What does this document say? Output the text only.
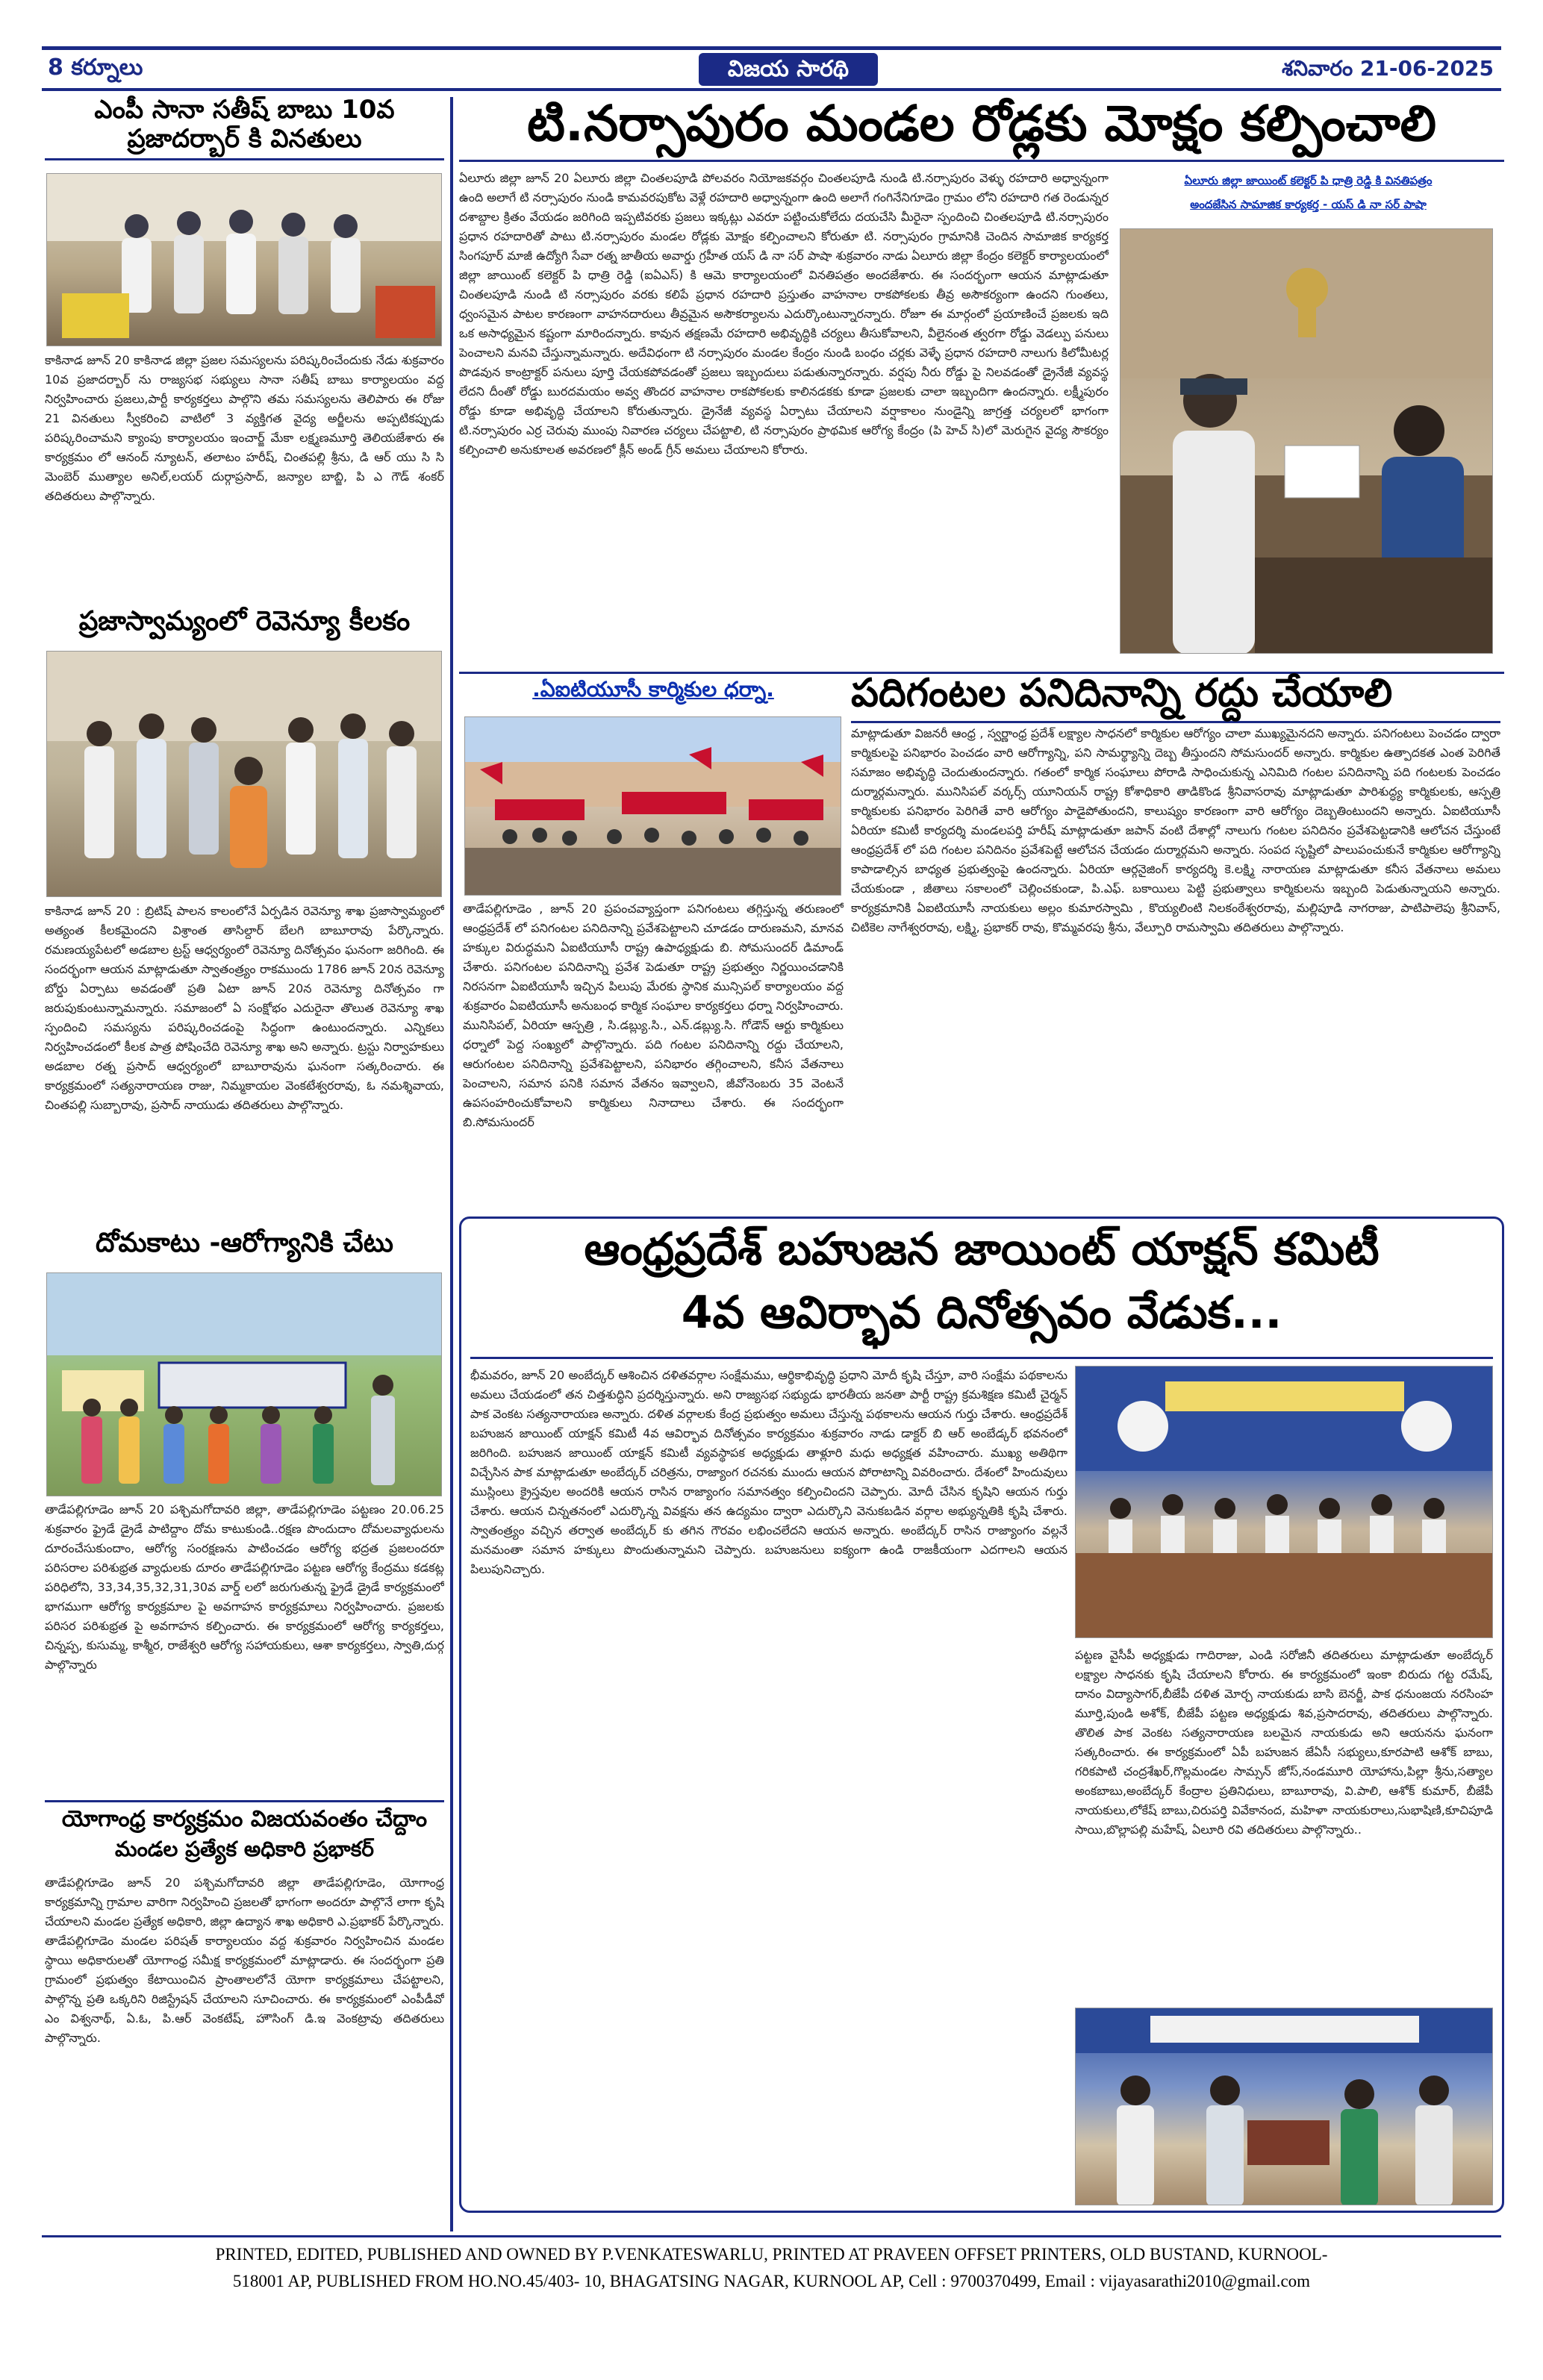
8 కర్నూలు	విజయ సారథి	శనివారం 21-06-2025
ఎంపీ సానా సతీష్ బాబు 10వ ప్రజాదర్బార్ కి వినతులు
కాకినాడ జూన్ 20 కాకినాడ జిల్లా ప్రజల సమస్యలను పరిష్కరించేందుకు నేడు శుక్రవారం 10వ ప్రజాదర్బార్ ను రాజ్యసభ సభ్యులు సానా సతీష్ బాబు కార్యాలయం వద్ద నిర్వహించారు ప్రజలు,పార్టీ కార్యకర్తలు పాల్గొని తమ సమస్యలను తెలిపారు ఈ రోజు 21 వినతులు స్వీకరించి వాటిలో 3 వ్యక్తిగత వైద్య అర్జీలను అప్పటికప్పుడు పరిష్కరించామని క్యాంపు కార్యాలయం ఇంచార్జ్ మేకా లక్ష్మణమూర్తి తెలియజేశారు ఈ కార్యక్రమం లో ఆనంద్ న్యూటన్, తలాటం హరీష్, చింతపల్లి శ్రీను, డి ఆర్ యు సి సి మెంబెర్ ముత్యాల అనిల్,లయర్ దుర్గాప్రసాద్, జన్యాల బాబ్జి, పి ఎ గౌడ్ శంకర్ తదితరులు పాల్గొన్నారు.
ప్రజాస్వామ్యంలో రెవెన్యూ కీలకం
కాకినాడ జూన్ 20 : బ్రిటిష్ పాలన కాలంలోనే ఏర్పడిన రెవెన్యూ శాఖ ప్రజాస్వామ్యంలో అత్యంత కీలకమైందని విశ్రాంత తాసిల్దార్ బేలగి బాబూరావు పేర్కొన్నారు. రమణయ్యపేటలో అడబాల ట్రస్ట్ ఆధ్వర్యంలో రెవెన్యూ దినోత్సవం ఘనంగా జరిగింది. ఈ సందర్భంగా ఆయన మాట్లాడుతూ స్వాతంత్ర్యం రాకముందు 1786 జూన్ 20న రెవెన్యూ బోర్డు ఏర్పాటు అవడంతో ప్రతి ఏటా జూన్ 20న రెవెన్యూ దినోత్సవం గా జరుపుకుంటున్నామన్నారు. సమాజంలో ఏ సంక్షోభం ఎదురైనా తొలుత రెవెన్యూ శాఖ స్పందించి సమస్యను పరిష్కరించడంపై సిద్ధంగా ఉంటుందన్నారు. ఎన్నికలు నిర్వహించడంలో కీలక పాత్ర పోషించేది రెవెన్యూ శాఖ అని అన్నారు. ట్రస్టు నిర్వాహకులు అడబాల రత్న ప్రసాద్ ఆధ్వర్యంలో బాబూరావును ఘనంగా సత్కరించారు. ఈ కార్యక్రమంలో సత్యనారాయణ రాజు, నిమ్మకాయల వెంకటేశ్వరరావు, ఓ నమశ్శివాయ, చింతపల్లి సుబ్బారావు, ప్రసాద్ నాయుడు తదితరులు పాల్గొన్నారు.
దోమకాటు -ఆరోగ్యానికి చేటు
తాడేపల్లిగూడెం జూన్ 20 పశ్చిమగోదావరి జిల్లా, తాడేపల్లిగూడెం పట్టణం 20.06.25 శుక్రవారం ఫ్రైడే డ్రైడే పాటిద్దాం దోమ కాటుకుండి..రక్షణ పొందుదాం దోమలవ్యాధులను దూరంచేసుకుందాం, ఆరోగ్య సంరక్షణను పాటించడం ఆరోగ్య భద్రత ప్రజలందరూ పరిసరాల పరిశుభ్రత వ్యాధులకు దూరం తాడేపల్లిగూడెం పట్టణ ఆరోగ్య కేంద్రము కడకట్ల పరిధిలోని, 33,34,35,32,31,30వ వార్డ్ లలో జరుగుతున్న ఫ్రైడే డ్రైడే కార్యక్రమంలో భాగముగా ఆరోగ్య కార్యక్రమాల పై అవగాహన కార్యక్రమాలు నిర్వహించారు. ప్రజలకు పరిసర పరిశుభ్రత పై అవగాహన కల్పించారు. ఈ కార్యక్రమంలో ఆరోగ్య కార్యకర్తలు, చిన్నప్ప, కుసుమ్మ, కాశ్మీర, రాజేశ్వరి ఆరోగ్య సహాయకులు, ఆశా కార్యకర్తలు, స్వాతి,దుర్గ పాల్గొన్నారు
యోగాంధ్ర కార్యక్రమం విజయవంతం చేద్దాం
మండల ప్రత్యేక అధికారి ప్రభాకర్
తాడేపల్లిగూడెం జూన్ 20 పశ్చిమగోదావరి జిల్లా తాడేపల్లిగూడెం, యోగాంధ్ర కార్యక్రమాన్ని గ్రామాల వారిగా నిర్వహించి ప్రజలతో భాగంగా అందరూ పాల్గొనే లాగా కృషి చేయాలని మండల ప్రత్యేక అధికారి, జిల్లా ఉద్యాన శాఖ అధికారి ఎ.ప్రభాకర్ పేర్కొన్నారు. తాడేపల్లిగూడెం మండల పరిషత్ కార్యాలయం వద్ద శుక్రవారం నిర్వహించిన మండల స్థాయి అధికారులతో యోగాంధ్ర సమీక్ష కార్యక్రమంలో మాట్లాడారు. ఈ సందర్భంగా ప్రతి గ్రామంలో ప్రభుత్వం కేటాయించిన ప్రాంతాలలోనే యోగా కార్యక్రమాలు చేపట్టాలని, పాల్గొన్న ప్రతి ఒక్కరిని రిజిస్ట్రేషన్ చేయాలని సూచించారు. ఈ కార్యక్రమంలో ఎంపీడీవో ఎం విశ్వనాథ్, ఏ.ఓ, పి.ఆర్ వెంకటేష్, హౌసింగ్ డి.ఇ వెంకట్రావు తదితరులు పాల్గొన్నారు.
టి.నర్సాపురం మండల రోడ్లకు మోక్షం కల్పించాలి
ఏలూరు జిల్లా జూన్ 20 ఏలూరు జిల్లా చింతలపూడి పోలవరం నియోజకవర్గం చింతలపూడి నుండి టి.నర్సాపురం వెళ్ళు రహదారి అధ్వాన్నంగా ఉంది అలాగే టి నర్సాపురం నుండి కామవరపుకోట వెళ్లే రహదారి అధ్వాన్నంగా ఉంది అలాగే గంగినేనిగూడెం గ్రామం లోని రహదారి గత రెండున్నర దశాబ్దాల క్రితం వేయడం జరిగింది ఇప్పటివరకు ప్రజలు ఇక్కట్లు ఎవరూ పట్టించుకోలేదు దయచేసి మీరైనా స్పందించి చింతలపూడి టి.నర్సాపురం ప్రధాన రహదారితో పాటు టి.నర్సాపురం మండల రోడ్లకు మోక్షం కల్పించాలని కోరుతూ టి. నర్సాపురం గ్రామానికి చెందిన సామాజిక కార్యకర్త సింగపూర్ మాజీ ఉద్యోగి సేవా రత్న జాతీయ అవార్డు గ్రహీత యస్ డి నా సర్ పాషా శుక్రవారం నాడు ఏలూరు జిల్లా కేంద్రం కలెక్టర్ కార్యాలయంలో జిల్లా జాయింట్ కలెక్టర్ పి ధాత్రి రెడ్డి (ఐఏఎస్) కి ఆమె కార్యాలయంలో వినతిపత్రం అందజేశారు. ఈ సందర్భంగా ఆయన మాట్లాడుతూ చింతలపూడి నుండి టి నర్సాపురం వరకు కలిపే ప్రధాన రహదారి ప్రస్తుతం వాహనాల రాకపోకలకు తీవ్ర అసౌకర్యంగా ఉందని గుంతలు, ధ్వంసమైన పాటల కారణంగా వాహనదారులు తీవ్రమైన అసౌకర్యాలను ఎదుర్కొంటున్నారన్నారు. రోజూ ఈ మార్గంలో ప్రయాణించే ప్రజలకు ఇది ఒక అసాధ్యమైన కష్టంగా మారిందన్నారు. కావున తక్షణమే రహదారి అభివృద్ధికి చర్యలు తీసుకోవాలని, వీలైనంత త్వరగా రోడ్డు వెడల్పు పనులు పెంచాలని మనవి చేస్తున్నామన్నారు. అదేవిధంగా టి నర్సాపురం మండల కేంద్రం నుండి బంధం చర్లకు వెళ్ళే ప్రధాన రహదారి నాలుగు కిలోమీటర్ల పొడవున కాంట్రాక్టర్ పనులు పూర్తి చేయకపోవడంతో ప్రజలు ఇబ్బందులు పడుతున్నారన్నారు. వర్షపు నీరు రోడ్డు పై నిలవడంతో డ్రైనేజీ వ్యవస్థ లేదని దీంతో రోడ్డు బురదమయం అవ్వ తొందర వాహనాల రాకపోకలకు కాలినడకకు కూడా ప్రజలకు చాలా ఇబ్బందిగా ఉందన్నారు. లక్ష్మీపురం రోడ్డు కూడా అభివృద్ధి చేయాలని కోరుతున్నారు. డ్రైనేజీ వ్యవస్థ ఏర్పాటు చేయాలని వర్షాకాలం నుండైన్ని జాగ్రత్త చర్యలలో భాగంగా టి.నర్సాపురం ఎర్ర చెరువు ముంపు నివారణ చర్యలు చేపట్టాలి, టి నర్సాపురం ప్రాథమిక ఆరోగ్య కేంద్రం (పి హెచ్ సి)లో మెరుగైన వైద్య సౌకర్యం కల్పించాలి అనుకూలత అవరణలో క్లీన్ అండ్ గ్రీన్ అమలు చేయాలని కోరారు.
ఏలూరు జిల్లా జాయింట్ కలెక్టర్ పి ధాత్రి రెడ్డి కి వినతిపత్రం
అందజేసిన సామాజిక కార్యకర్త - యస్ డి నా సర్ పాషా
.ఏఐటియూసీ కార్మికుల ధర్నా.
తాడేపల్లిగూడెం , జూన్ 20 ప్రపంచవ్యాప్తంగా పనిగంటలు తగ్గిస్తున్న తరుణంలో ఆంధ్రప్రదేశ్ లో పనిగంటల పనిదినాన్ని ప్రవేశపెట్టాలని చూడడం దారుణమని, మానవ హక్కుల విరుద్ధమని ఏఐటియూసీ రాష్ట్ర ఉపాధ్యక్షుడు బి. సోమసుందర్ డిమాండ్ చేశారు. పనిగంటల పనిదినాన్ని ప్రవేశ పెడుతూ రాష్ట్ర ప్రభుత్వం నిర్ణయించడానికి నిరసనగా ఏఐటియూసీ ఇచ్చిన పిలుపు మేరకు స్థానిక మున్సిపల్ కార్యాలయం వద్ద శుక్రవారం ఏఐటియూసీ అనుబంధ కార్మిక సంఘాల కార్యకర్తలు ధర్నా నిర్వహించారు. మునిసిపల్, ఏరియా ఆస్పత్రి , సి.డబ్ల్యు.సి., ఎన్.డబ్ల్యు.సి. గోడౌన్ ఆర్టు కార్మికులు ధర్నాలో పెద్ద సంఖ్యలో పాల్గొన్నారు. పది గంటల పనిదినాన్ని రద్దు చేయాలని, ఆరుగంటల పనిదినాన్ని ప్రవేశపెట్టాలని, పనిభారం తగ్గించాలని, కనీస వేతనాలు పెంచాలని, సమాన పనికి సమాన వేతనం ఇవ్వాలని, జీవోనెంబరు 35 వెంటనే ఉపసంహరించుకోవాలని కార్మికులు నినాదాలు చేశారు. ఈ సందర్భంగా బి.సోమసుందర్
పదిగంటల పనిదినాన్ని రద్దు చేయాలి
మాట్లాడుతూ విజనరీ ఆంధ్ర , స్వర్ణాంధ్ర ప్రదేశ్ లక్ష్యాల సాధనలో కార్మికుల ఆరోగ్యం చాలా ముఖ్యమైనదని అన్నారు. పనిగంటలు పెంచడం ద్వారా కార్మికులపై పనిభారం పెంచడం వారి ఆరోగ్యాన్ని, పని సామర్థ్యాన్ని దెబ్బ తీస్తుందని సోమసుందర్ అన్నారు. కార్మికుల ఉత్పాదకత ఎంత పెరిగితే సమాజం అభివృద్ధి చెందుతుందన్నారు. గతంలో కార్మిక సంఘాలు పోరాడి సాధించుకున్న ఎనిమిది గంటల పనిదినాన్ని పది గంటలకు పెంచడం దుర్మార్గమన్నారు. మునిసిపల్ వర్కర్స్ యూనియన్ రాష్ట్ర కోశాధికారి తాడికొండ శ్రీనివాసరావు మాట్లాడుతూ పారిశుద్ధ్య కార్మికులకు, ఆస్పత్రి కార్మికులకు పనిభారం పెరిగితే వారి ఆరోగ్యం పాడైపోతుందని, కాలుష్యం కారణంగా వారి ఆరోగ్యం దెబ్బతింటుందని అన్నారు. ఏఐటియూసీ ఏరియా కమిటీ కార్యదర్శి మండలపర్తి హరీష్ మాట్లాడుతూ జపాన్ వంటి దేశాల్లో నాలుగు గంటల పనిదినం ప్రవేశపెట్టడానికి ఆలోచన చేస్తుంటే ఆంధ్రప్రదేశ్ లో పది గంటల పనిదినం ప్రవేశపెట్టే ఆలోచన చేయడం దుర్మార్గమని అన్నారు. సంపద సృష్టిలో పాలుపంచుకునే కార్మికుల ఆరోగ్యాన్ని కాపాడాల్సిన బాధ్యత ప్రభుత్వంపై ఉందన్నారు. ఏరియా ఆర్గనైజింగ్ కార్యదర్శి కె.లక్ష్మి నారాయణ మాట్లాడుతూ కనీస వేతనాలు అమలు చేయకుండా , జీతాలు సకాలంలో చెల్లించకుండా, పి.ఎఫ్. బకాయిలు పెట్టి ప్రభుత్వాలు కార్మికులను ఇబ్బంది పెడుతున్నాయని అన్నారు. కార్యక్రమానికి ఏఐటియూసీ నాయకులు అల్లం కుమారస్వామి , కొయ్యలింటి నిలకంఠేశ్వరరావు, మల్లిపూడి నాగరాజు, పాటిపాలెపు శ్రీనివాస్, చిటికెల నాగేశ్వరరావు, లక్ష్మి, ప్రభాకర్ రావు, కొమ్మవరపు శ్రీను, వేల్పూరి రామస్వామి తదితరులు పాల్గొన్నారు.
ఆంధ్రప్రదేశ్ బహుజన జాయింట్ యాక్షన్ కమిటీ
4వ ఆవిర్భావ దినోత్సవం వేడుక...
భీమవరం, జూన్ 20 అంబేద్కర్ ఆశించిన దళితవర్గాల సంక్షేమము, ఆర్థికాభివృద్ధి ప్రధాని మోదీ కృషి చేస్తూ, వారి సంక్షేమ పథకాలను అమలు చేయడంలో తన చిత్తశుద్ధిని ప్రదర్శిస్తున్నారు. అని రాజ్యసభ సభ్యుడు భారతీయ జనతా పార్టీ రాష్ట్ర క్రమశిక్షణ కమిటీ చైర్మన్ పాక వెంకట సత్యనారాయణ అన్నారు. దళిత వర్గాలకు కేంద్ర ప్రభుత్వం అమలు చేస్తున్న పథకాలను ఆయన గుర్తు చేశారు. ఆంధ్రప్రదేశ్ బహుజన జాయింట్ యాక్షన్ కమిటీ 4వ ఆవిర్భావ దినోత్సవం కార్యక్రమం శుక్రవారం నాడు డాక్టర్ బి ఆర్ అంబేడ్కర్ భవనంలో జరిగింది. బహుజన జాయింట్ యాక్షన్ కమిటీ వ్యవస్థాపక అధ్యక్షుడు తాళ్లూరి మధు అధ్యక్షత వహించారు. ముఖ్య అతిథిగా విచ్చేసిన పాక మాట్లాడుతూ అంబేద్కర్ చరిత్రను, రాజ్యాంగ రచనకు ముందు ఆయన పోరాటాన్ని వివరించారు. దేశంలో హిందువులు ముస్లింలు క్రైస్తవుల అందరికి ఆయన రాసిన రాజ్యాంగం సమానత్వం కల్పించిందని చెప్పారు. మోదీ చేసిన కృషిని ఆయన గుర్తు చేశారు. ఆయన చిన్నతనంలో ఎదుర్కొన్న వివక్షను తన ఉద్యమం ద్వారా ఎదుర్కొని వెనుకబడిన వర్గాల అభ్యున్నతికి కృషి చేశారు. స్వాతంత్ర్యం వచ్చిన తర్వాత అంబేద్కర్ కు తగిన గౌరవం లభించలేదని ఆయన అన్నారు. అంబేద్కర్ రాసిన రాజ్యాంగం వల్లనే మనమంతా సమాన హక్కులు పొందుతున్నామని చెప్పారు. బహుజనులు ఐక్యంగా ఉండి రాజకీయంగా ఎదగాలని ఆయన పిలుపునిచ్చారు.
పట్టణ వైసీపీ అధ్యక్షుడు గాదిరాజు, ఎండి సరోజినీ తదితరులు మాట్లాడుతూ అంబేద్కర్ లక్ష్యాల సాధనకు కృషి చేయాలని కోరారు. ఈ కార్యక్రమంలో ఇంకా బిరుదు గట్ట రమేష్, దానం విద్యాసాగర్,బీజేపీ దళిత మోర్చ నాయకుడు బాసి బెనర్జీ, పాక ధనుంజయ నరసింహ మూర్తి,పుండి అశోక్, బీజేపీ పట్టణ అధ్యక్షుడు శివ,ప్రసాదరావు, తదితరులు పాల్గొన్నారు. తొలిత పాక వెంకట సత్యనారాయణ బలమైన నాయకుడు అని ఆయనను ఘనంగా సత్కరించారు. ఈ కార్యక్రమంలో ఏపీ బహుజన జేఏసీ సభ్యులు,కూరపాటి ఆశోక్ బాబు, గరికపాటి చంద్రశేఖర్,గొల్లమండల సామ్సన్ జోస్,నండమూరి యోహాను,పిల్లా శ్రీను,సత్యాల అంకబాబు,అంబేద్కర్ కేంద్రాల ప్రతినిధులు, బాబూరావు, వి.పాలి, ఆశోక్ కుమార్, బీజేపీ నాయకులు,లోకేష్ బాబు,చిరుపర్తి వివేకానంద, మహిళా నాయకురాలు,సుభాషిణి,కూచిపూడి సాయి,బొల్లాపల్లి మహేష్, ఏలూరి రవి తదితరులు పాల్గొన్నారు..
PRINTED, EDITED, PUBLISHED AND OWNED BY P.VENKATESWARLU, PRINTED AT PRAVEEN OFFSET PRINTERS, OLD BUSTAND, KURNOOL-
518001 AP, PUBLISHED FROM HO.NO.45/403- 10, BHAGATSING NAGAR, KURNOOL AP, Cell : 9700370499, Email : vijayasarathi2010@gmail.com
